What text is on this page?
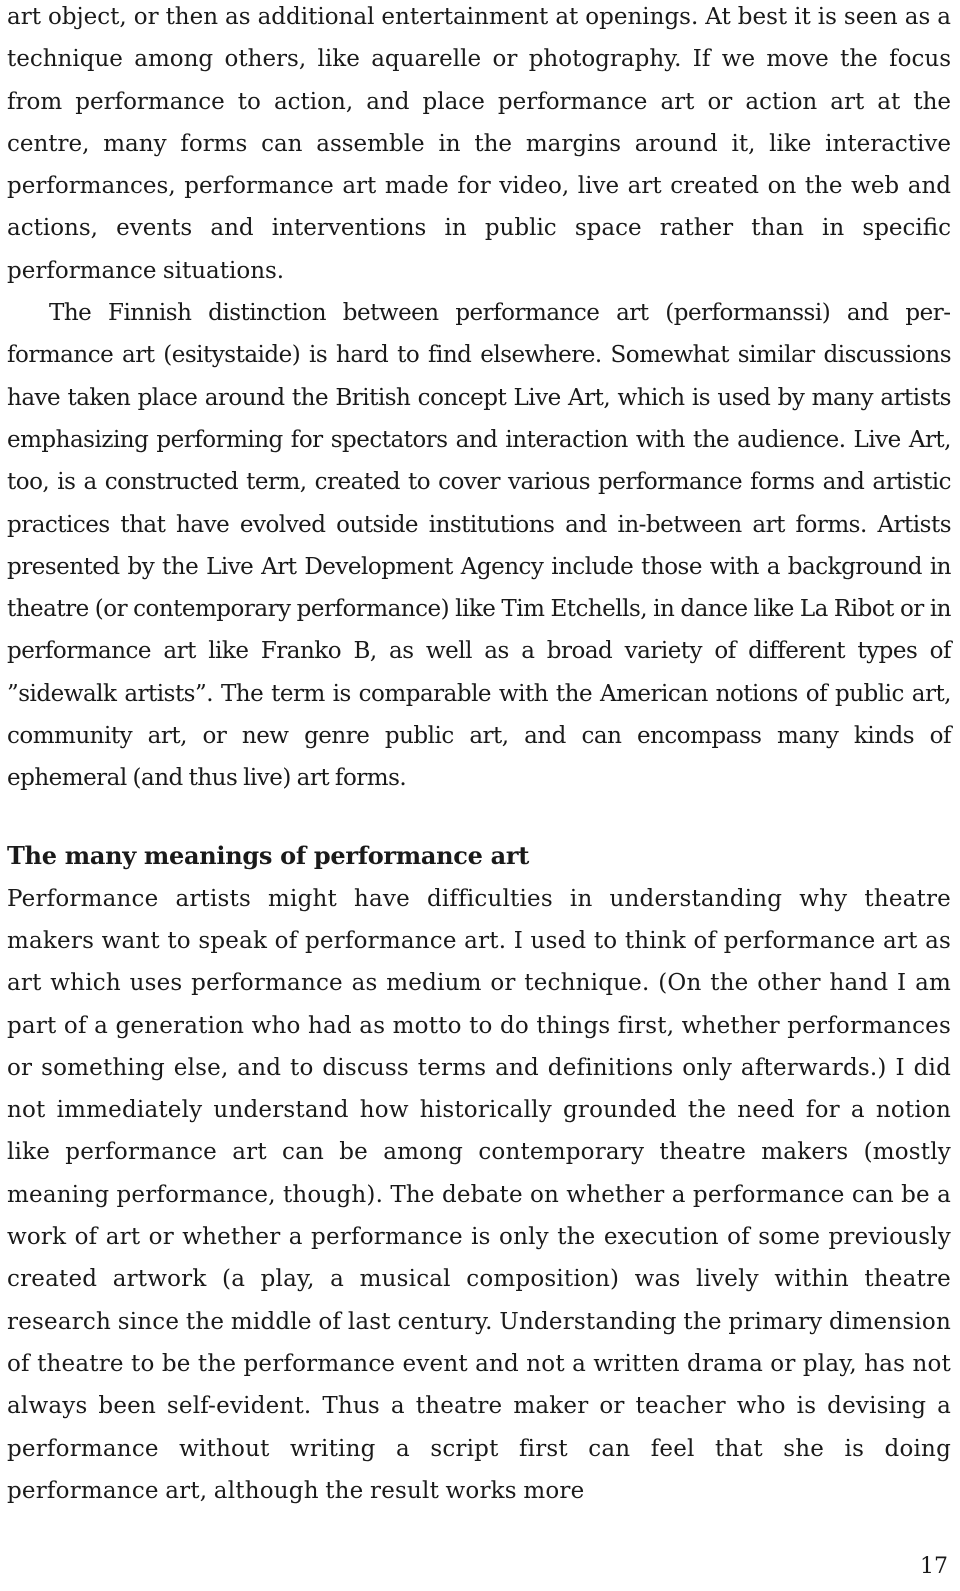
art object, or then as additional entertainment at openings. At best it is seen as a technique among others, like aquarelle or photography. If we move the focus from performance to action, and place performance art or action art at the centre, many forms can assemble in the margins around it, like interactive performances, performance art made for video, live art created on the web and actions, events and interventions in public space rather than in specific performance situations.

The Finnish distinction between performance art (performanssi) and performance art (esitystaide) is hard to find elsewhere. Somewhat similar discussions have taken place around the British concept Live Art, which is used by many artists emphasizing performing for spectators and interaction with the audience. Live Art, too, is a constructed term, created to cover various performance forms and artistic practices that have evolved outside institutions and in-between art forms. Artists presented by the Live Art Development Agency include those with a background in theatre (or contemporary performance) like Tim Etchells, in dance like La Ribot or in performance art like Franko B, as well as a broad variety of different types of ”sidewalk artists”. The term is comparable with the American notions of public art, community art, or new genre public art, and can encompass many kinds of ephemeral (and thus live) art forms.

The many meanings of performance art

Performance artists might have difficulties in understanding why theatre makers want to speak of performance art. I used to think of performance art as art which uses performance as medium or technique. (On the other hand I am part of a generation who had as motto to do things first, whether performances or something else, and to discuss terms and definitions only afterwards.) I did not immediately understand how historically grounded the need for a notion like performance art can be among contemporary theatre makers (mostly meaning performance, though). The debate on whether a performance can be a work of art or whether a performance is only the execution of some previously created artwork (a play, a musical composition) was lively within theatre research since the middle of last century. Understanding the primary dimension of theatre to be the performance event and not a written drama or play, has not always been self-evident. Thus a theatre maker or teacher who is devising a performance without writing a script first can feel that she is doing performance art, although the result works more

17
